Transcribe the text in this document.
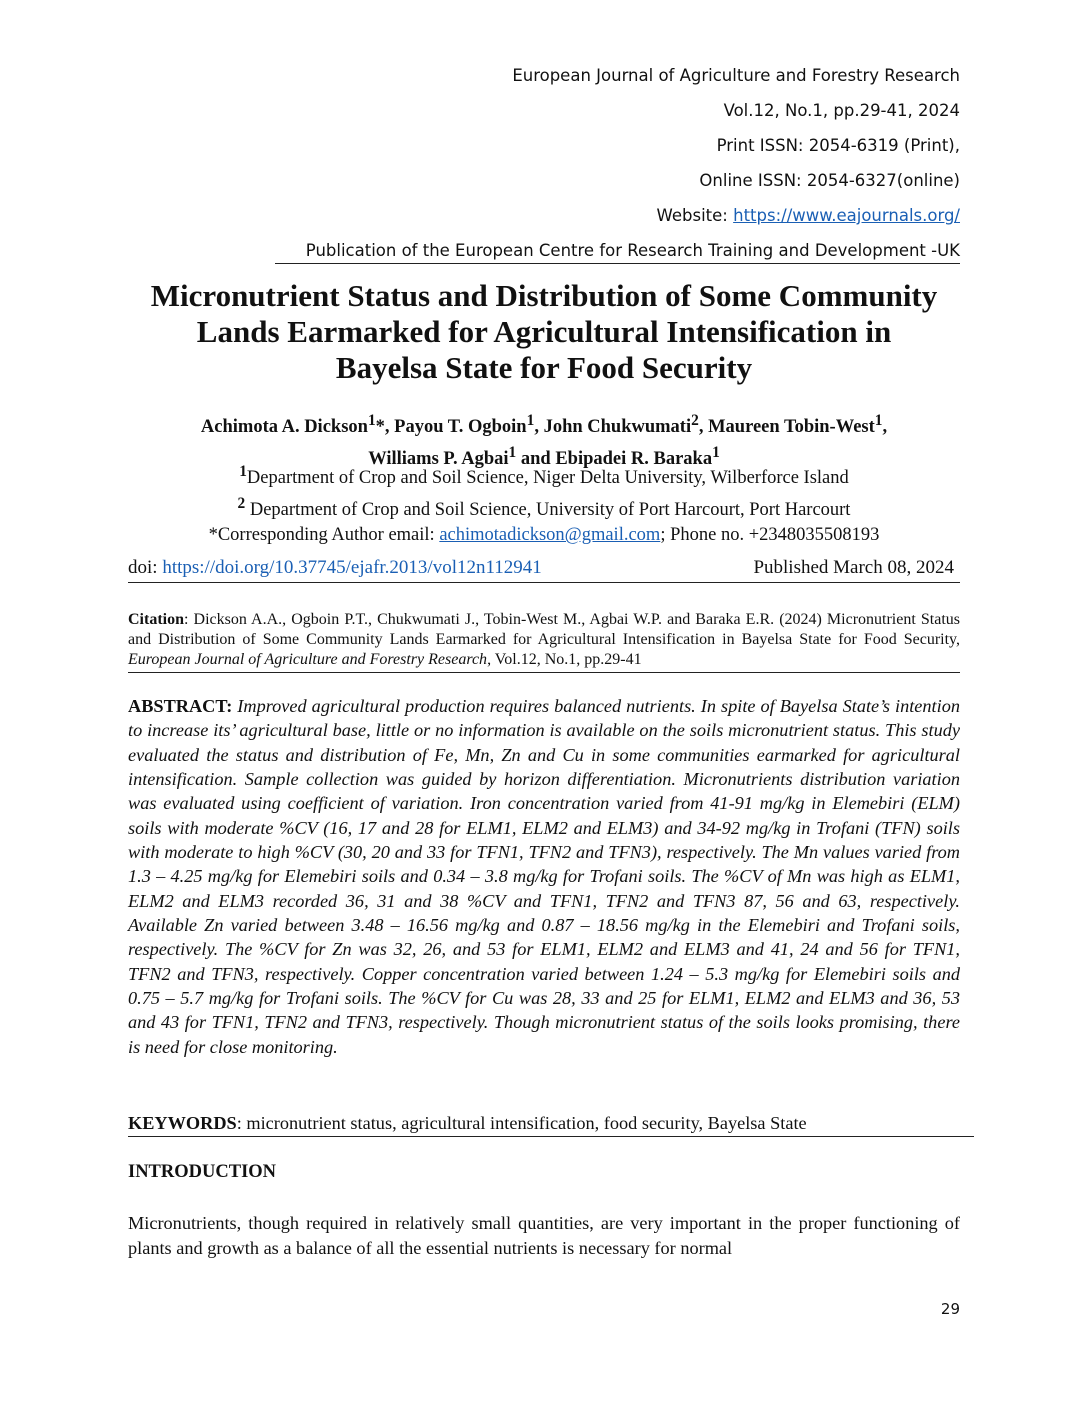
European Journal of Agriculture and Forestry Research
Vol.12, No.1, pp.29-41, 2024
Print ISSN: 2054-6319 (Print),
Online ISSN: 2054-6327(online)
Website: https://www.eajournals.org/
Publication of the European Centre for Research Training and Development -UK
Micronutrient Status and Distribution of Some Community
Lands Earmarked for Agricultural Intensification in
Bayelsa State for Food Security
Achimota A. Dickson$^1$*, Payou T. Ogboin$^1$, John Chukwumati$^2$, Maureen Tobin-West$^1$,
Williams P. Agbai$^1$ and Ebipadei R. Baraka$^1$
$^1$Department of Crop and Soil Science, Niger Delta University, Wilberforce Island
$^2$ Department of Crop and Soil Science, University of Port Harcourt, Port Harcourt
*Corresponding Author email: achimotadickson@gmail.com; Phone no. +2348035508193
doi: https://doi.org/10.37745/ejafr.2013/vol12n112941	Published March 08, 2024
Citation: Dickson A.A., Ogboin P.T., Chukwumati J., Tobin-West M., Agbai W.P. and Baraka E.R. (2024) Micronutrient Status and Distribution of Some Community Lands Earmarked for Agricultural Intensification in Bayelsa State for Food Security, European Journal of Agriculture and Forestry Research, Vol.12, No.1, pp.29-41

ABSTRACT: Improved agricultural production requires balanced nutrients. In spite of Bayelsa State’s intention to increase its’ agricultural base, little or no information is available on the soils micronutrient status. This study evaluated the status and distribution of Fe, Mn, Zn and Cu in some communities earmarked for agricultural intensification. Sample collection was guided by horizon differentiation. Micronutrients distribution variation was evaluated using coefficient of variation. Iron concentration varied from 41-91 mg/kg in Elemebiri (ELM) soils with moderate %CV (16, 17 and 28 for ELM1, ELM2 and ELM3) and 34-92 mg/kg in Trofani (TFN) soils with moderate to high %CV (30, 20 and 33 for TFN1, TFN2 and TFN3), respectively. The Mn values varied from 1.3 – 4.25 mg/kg for Elemebiri soils and 0.34 – 3.8 mg/kg for Trofani soils. The %CV of Mn was high as ELM1, ELM2 and ELM3 recorded 36, 31 and 38 %CV and TFN1, TFN2 and TFN3 87, 56 and 63, respectively. Available Zn varied between 3.48 – 16.56 mg/kg and 0.87 – 18.56 mg/kg in the Elemebiri and Trofani soils, respectively. The %CV for Zn was 32, 26, and 53 for ELM1, ELM2 and ELM3 and 41, 24 and 56 for TFN1, TFN2 and TFN3, respectively. Copper concentration varied between 1.24 – 5.3 mg/kg for Elemebiri soils and 0.75 – 5.7 mg/kg for Trofani soils. The %CV for Cu was 28, 33 and 25 for ELM1, ELM2 and ELM3 and 36, 53 and 43 for TFN1, TFN2 and TFN3, respectively. Though micronutrient status of the soils looks promising, there is need for close monitoring.

KEYWORDS: micronutrient status, agricultural intensification, food security, Bayelsa State
INTRODUCTION

Micronutrients, though required in relatively small quantities, are very important in the proper functioning of plants and growth as a balance of all the essential nutrients is necessary for normal

29
